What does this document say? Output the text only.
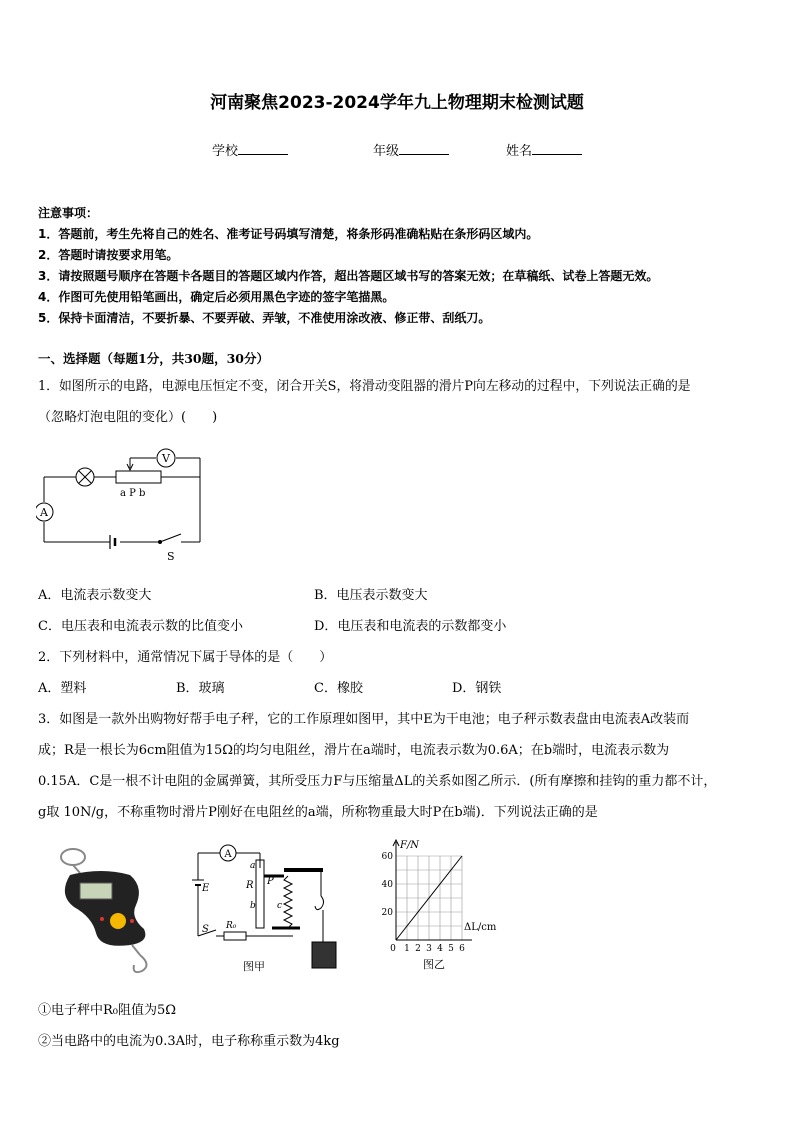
河南聚焦2023-2024学年九上物理期末检测试题
学校	年级	姓名
注意事项：
1．答题前，考生先将自己的姓名、准考证号码填写清楚，将条形码准确粘贴在条形码区域内。
2．答题时请按要求用笔。
3．请按照题号顺序在答题卡各题目的答题区域内作答，超出答题区域书写的答案无效；在草稿纸、试卷上答题无效。
4．作图可先使用铅笔画出，确定后必须用黑色字迹的签字笔描黑。
5．保持卡面清洁，不要折暴、不要弄破、弄皱，不准使用涂改液、修正带、刮纸刀。
一、选择题（每题1分，共30题，30分）
1．如图所示的电路，电源电压恒定不变，闭合开关S，将滑动变阻器的滑片P向左移动的过程中，下列说法正确的是
（忽略灯泡电阻的变化）(　　)
V
A
a P b
S
A．电流表示数变大	B．电压表示数变大
C．电压表和电流表示数的比值变小	D．电压表和电流表的示数都变小
2．下列材料中，通常情况下属于导体的是（　　）
A．塑料	B．玻璃	C．橡胶	D．钢铁
3．如图是一款外出购物好帮手电子秤，它的工作原理如图甲，其中E为干电池；电子秤示数表盘由电流表A改装而
成；R是一根长为6cm阻值为15Ω的均匀电阻丝，滑片在a端时，电流表示数为0.6A；在b端时，电流表示数为
0.15A．C是一根不计电阻的金属弹簧，其所受压力F与压缩量ΔL的关系如图乙所示．(所有摩擦和挂钩的重力都不计，
g取 10N/g，不称重物时滑片P刚好在电阻丝的a端，所称物重最大时P在b端)．下列说法正确的是
A
E	R
a
b
P
c
S R₀
图甲
60
40
20
0 1 2 3 4 5 6
F/N
ΔL/cm
图乙
①电子秤中R₀阻值为5Ω
②当电路中的电流为0.3A时，电子称称重示数为4kg
